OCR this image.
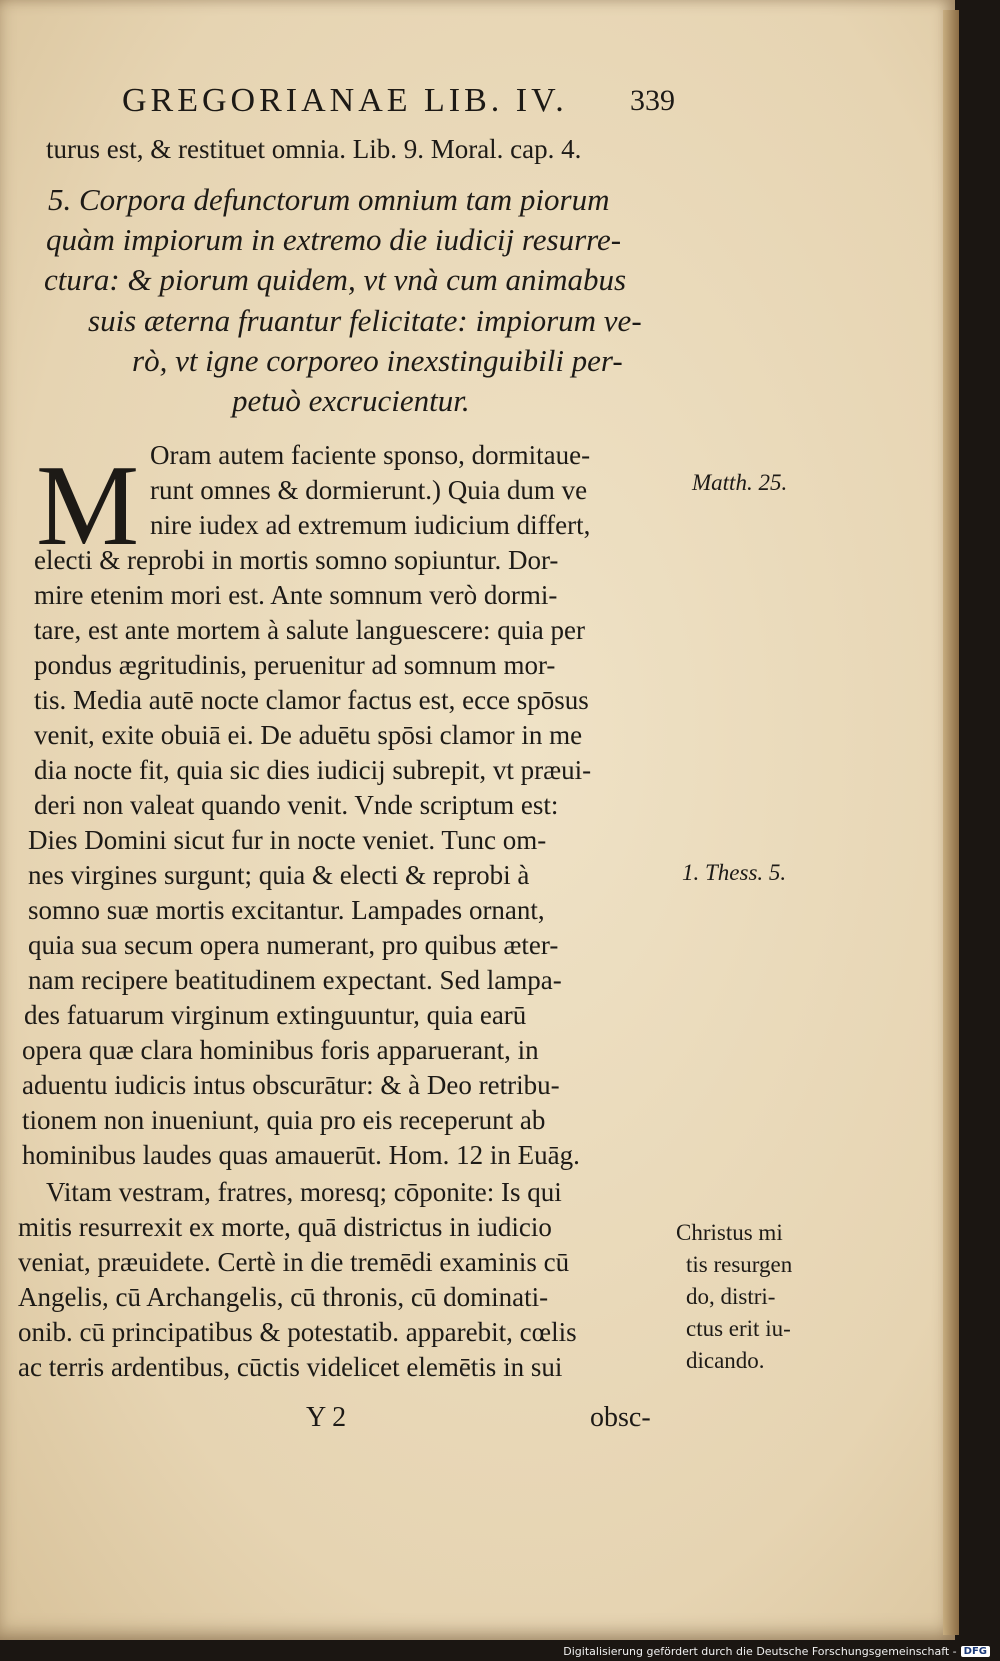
GREGORIANAE LIB. IV. 339
turus est, & restituet omnia. Lib. 9. Moral. cap. 4.
5. Corpora defunctorum omnium tam piorum
quàm impiorum in extremo die iudicij resurre-
ctura: & piorum quidem, vt vnà cum animabus
suis æterna fruantur felicitate: impiorum ve-
rò, vt igne corporeo inexstinguibili per-
petuò excrucientur.
M Oram autem faciente sponso, dormitaue-
runt omnes & dormierunt.) Quia dum ve
nire iudex ad extremum iudicium differt,
electi & reprobi in mortis somno sopiuntur. Dor-
mire etenim mori est. Ante somnum verò dormi-
tare, est ante mortem à salute languescere: quia per
pondus ægritudinis, peruenitur ad somnum mor-
tis. Media autē nocte clamor factus est, ecce spōsus
venit, exite obuiā ei. De aduētu spōsi clamor in me
dia nocte fit, quia sic dies iudicij subrepit, vt præui-
deri non valeat quando venit. Vnde scriptum est:
Dies Domini sicut fur in nocte veniet. Tunc om-
nes virgines surgunt; quia & electi & reprobi à
somno suæ mortis excitantur. Lampades ornant,
quia sua secum opera numerant, pro quibus æter-
nam recipere beatitudinem expectant. Sed lampa-
des fatuarum virginum extinguuntur, quia earū
opera quæ clara hominibus foris apparuerant, in
aduentu iudicis intus obscurātur: & à Deo retribu-
tionem non inueniunt, quia pro eis receperunt ab
hominibus laudes quas amauerūt. Hom. 12 in Euāg.
Vitam vestram, fratres, moresq; cōponite: Is qui
mitis resurrexit ex morte, quā districtus in iudicio
veniat, præuidete. Certè in die tremēdi examinis cū
Angelis, cū Archangelis, cū thronis, cū dominati-
onib. cū principatibus & potestatib. apparebit, cœlis
ac terris ardentibus, cūctis videlicet elemētis in sui
Matth. 25.
1. Thess. 5.
Christus mi
tis resurgen
do, distri-
ctus erit iu-
dicando.
Y 2	obsc-
Digitalisierung gefördert durch die Deutsche Forschungsgemeinschaft - DFG
